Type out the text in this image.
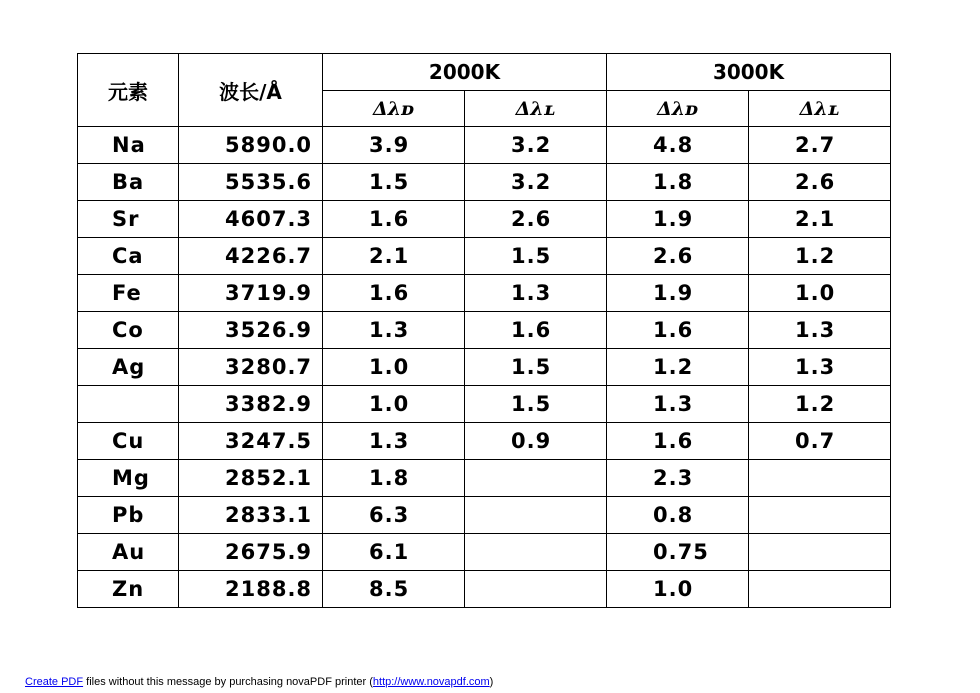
元素	波长/Å	2000K		3000K	
		Δλᴅ	Δλʟ	Δλᴅ	Δλʟ
Na	5890.0	3.9	3.2	4.8	2.7
Ba	5535.6	1.5	3.2	1.8	2.6
Sr	4607.3	1.6	2.6	1.9	2.1
Ca	4226.7	2.1	1.5	2.6	1.2
Fe	3719.9	1.6	1.3	1.9	1.0
Co	3526.9	1.3	1.6	1.6	1.3
Ag	3280.7	1.0	1.5	1.2	1.3
	3382.9	1.0	1.5	1.3	1.2
Cu	3247.5	1.3	0.9	1.6	0.7
Mg	2852.1	1.8		2.3	
Pb	2833.1	6.3		0.8	
Au	2675.9	6.1		0.75	
Zn	2188.8	8.5		1.0	
Create PDF files without this message by purchasing novaPDF printer (http://www.novapdf.com)
